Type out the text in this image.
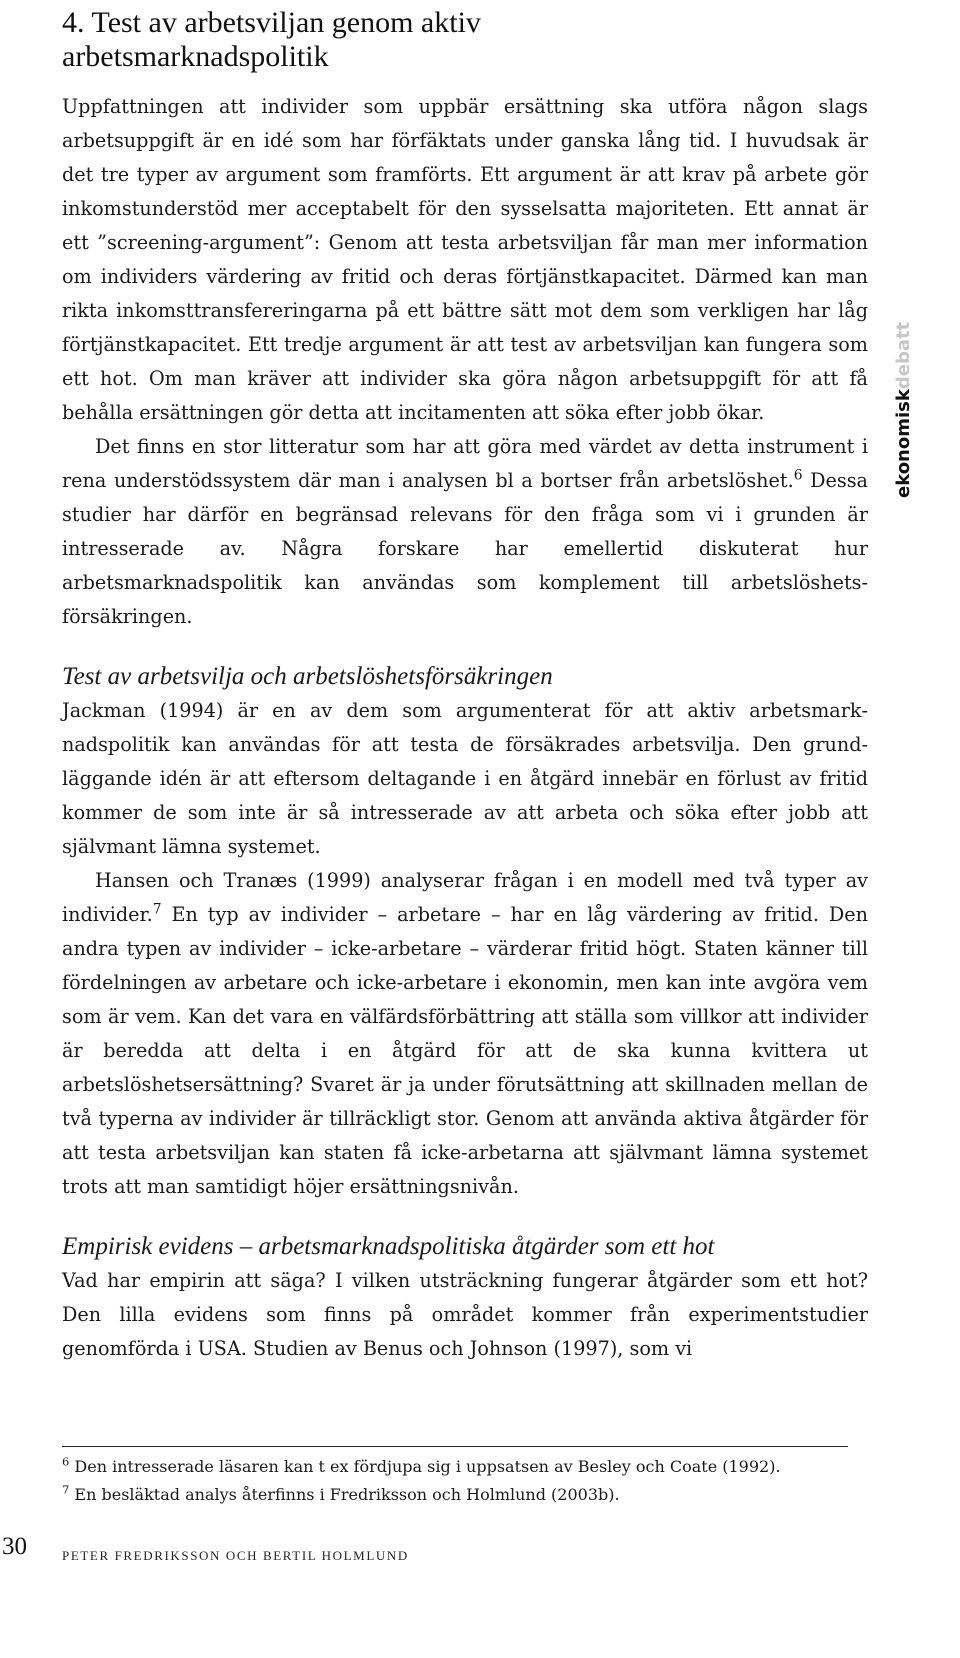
4. Test av arbetsviljan genom aktiv
arbetsmarknadspolitik

Uppfattningen att individer som uppbär ersättning ska utföra någon slags arbetsuppgift är en idé som har förfäktats under ganska lång tid. I huvudsak är det tre typer av argument som framförts. Ett argument är att krav på arbete gör inkomstunderstöd mer acceptabelt för den sysselsatta majoriteten. Ett annat är ett ”screening-argument”: Genom att testa arbetsviljan får man mer information om individers värdering av fritid och deras förtjänstkapacitet. Därmed kan man rikta inkomsttransfereringarna på ett bättre sätt mot dem som verkligen har låg förtjänstkapacitet. Ett tredje argument är att test av arbetsviljan kan fungera som ett hot. Om man kräver att individer ska göra någon arbetsuppgift för att få behålla ersättningen gör detta att incitamenten att söka efter jobb ökar.

Det finns en stor litteratur som har att göra med värdet av detta instrument i rena understödssystem där man i analysen bl a bortser från arbetslöshet.$^6$ Dessa studier har därför en begränsad relevans för den fråga som vi i grunden är intresserade av. Några forskare har emellertid diskuterat hur arbetsmarknadspolitik kan användas som komplement till arbetslöshetsförsäkringen.

Test av arbetsvilja och arbetslöshetsförsäkringen

Jackman (1994) är en av dem som argumenterat för att aktiv arbetsmarknadspolitik kan användas för att testa de försäkrades arbetsvilja. Den grundläggande idén är att eftersom deltagande i en åtgärd innebär en förlust av fritid kommer de som inte är så intresserade av att arbeta och söka efter jobb att självmant lämna systemet.

Hansen och Tranæs (1999) analyserar frågan i en modell med två typer av individer.$^7$ En typ av individer – arbetare – har en låg värdering av fritid. Den andra typen av individer – icke-arbetare – värderar fritid högt. Staten känner till fördelningen av arbetare och icke-arbetare i ekonomin, men kan inte avgöra vem som är vem. Kan det vara en välfärdsförbättring att ställa som villkor att individer är beredda att delta i en åtgärd för att de ska kunna kvittera ut arbetslöshetsersättning? Svaret är ja under förutsättning att skillnaden mellan de två typerna av individer är tillräckligt stor. Genom att använda aktiva åtgärder för att testa arbetsviljan kan staten få icke-arbetarna att självmant lämna systemet trots att man samtidigt höjer ersättningsnivån.

Empirisk evidens – arbetsmarknadspolitiska åtgärder som ett hot

Vad har empirin att säga? I vilken utsträckning fungerar åtgärder som ett hot? Den lilla evidens som finns på området kommer från experimentstudier genomförda i USA. Studien av Benus och Johnson (1997), som vi

$^6$ Den intresserade läsaren kan t ex fördjupa sig i uppsatsen av Besley och Coate (1992).

$^7$ En besläktad analys återfinns i Fredriksson och Holmlund (2003b).

30	PETER FREDRIKSSON OCH BERTIL HOLMLUND
ekonomiskdebatt
